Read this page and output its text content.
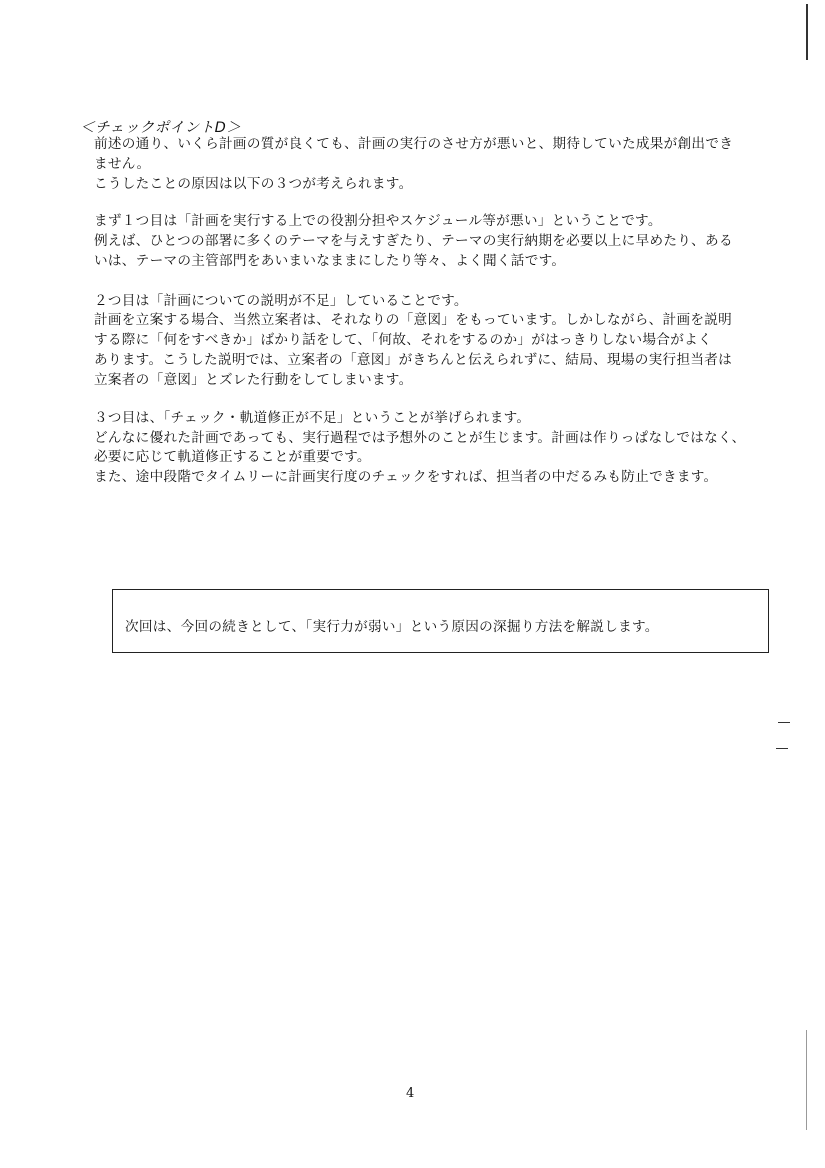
＜チェックポイントD＞
前述の通り、いくら計画の質が良くても、計画の実行のさせ方が悪いと、期待していた成果が創出でき
ません。
こうしたことの原因は以下の３つが考えられます。
まず１つ目は「計画を実行する上での役割分担やスケジュール等が悪い」ということです。
例えば、ひとつの部署に多くのテーマを与えすぎたり、テーマの実行納期を必要以上に早めたり、ある
いは、テーマの主管部門をあいまいなままにしたり等々、よく聞く話です。
２つ目は「計画についての説明が不足」していることです。
計画を立案する場合、当然立案者は、それなりの「意図」をもっています。しかしながら、計画を説明
する際に「何をすべきか」ばかり話をして、「何故、それをするのか」がはっきりしない場合がよく
あります。こうした説明では、立案者の「意図」がきちんと伝えられずに、結局、現場の実行担当者は
立案者の「意図」とズレた行動をしてしまいます。
３つ目は、「チェック・軌道修正が不足」ということが挙げられます。
どんなに優れた計画であっても、実行過程では予想外のことが生じます。計画は作りっぱなしではなく、
必要に応じて軌道修正することが重要です。
また、途中段階でタイムリーに計画実行度のチェックをすれば、担当者の中だるみも防止できます。
次回は、今回の続きとして、「実行力が弱い」という原因の深掘り方法を解説します。
4
